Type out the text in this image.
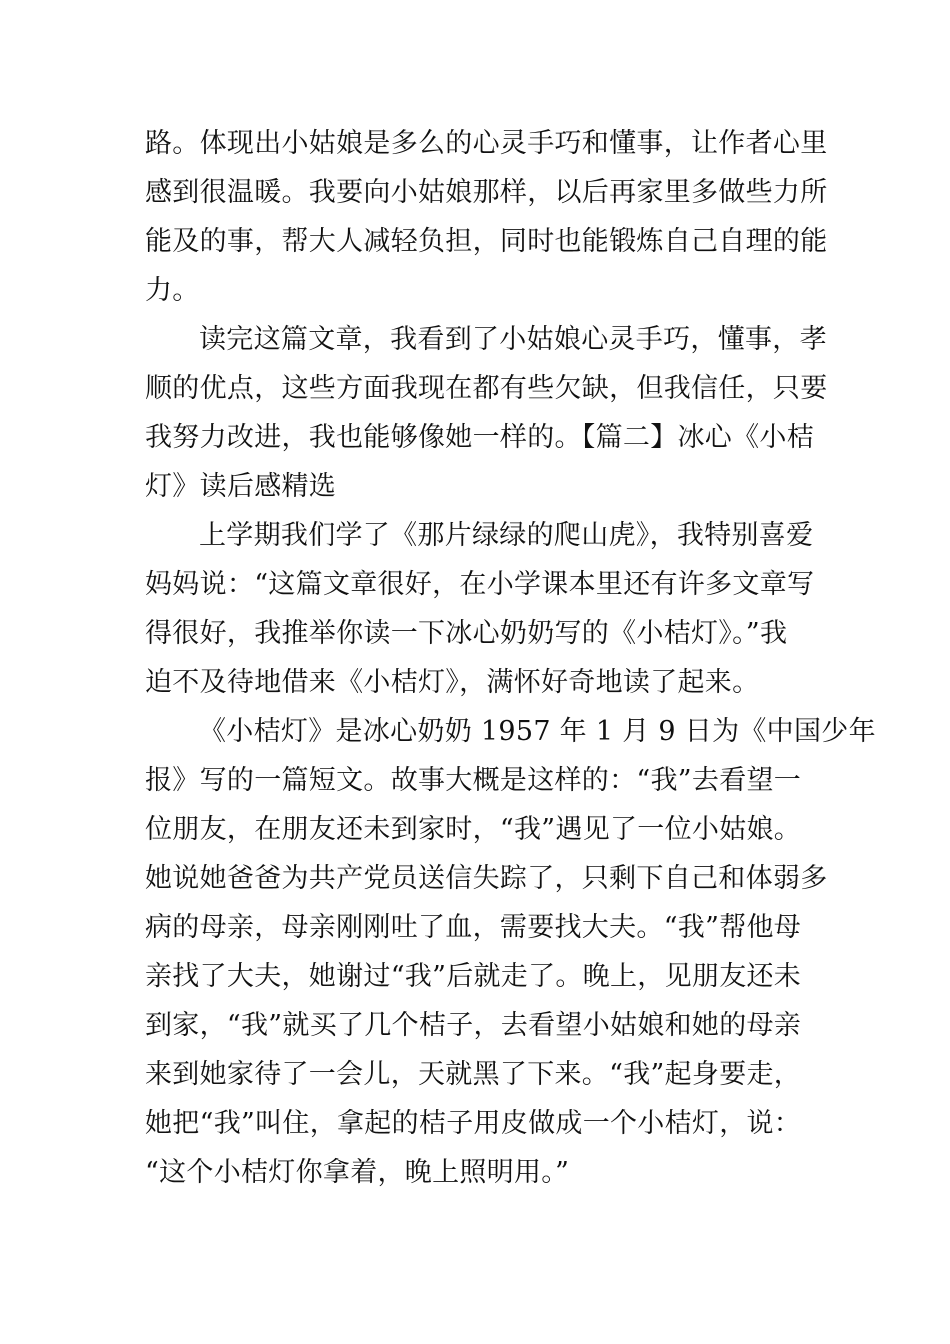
路。体现出小姑娘是多么的心灵手巧和懂事，让作者心里
感到很温暖。我要向小姑娘那样，以后再家里多做些力所
能及的事，帮大人减轻负担，同时也能锻炼自己自理的能
力。
读完这篇文章，我看到了小姑娘心灵手巧，懂事，孝
顺的优点，这些方面我现在都有些欠缺，但我信任，只要
我努力改进，我也能够像她一样的。【篇二】冰心《小桔
灯》读后感精选
上学期我们学了《那片绿绿的爬山虎》，我特别喜爱
妈妈说：“这篇文章很好，在小学课本里还有许多文章写
得很好，我推举你读一下冰心奶奶写的《小桔灯》。”我
迫不及待地借来《小桔灯》，满怀好奇地读了起来。
《小桔灯》是冰心奶奶 1957 年 1 月 9 日为《中国少年
报》写的一篇短文。故事大概是这样的：“我”去看望一
位朋友，在朋友还未到家时，“我”遇见了一位小姑娘。
她说她爸爸为共产党员送信失踪了，只剩下自己和体弱多
病的母亲，母亲刚刚吐了血，需要找大夫。“我”帮他母
亲找了大夫，她谢过“我”后就走了。晚上，见朋友还未
到家，“我”就买了几个桔子，去看望小姑娘和她的母亲
来到她家待了一会儿，天就黑了下来。“我”起身要走，
她把“我”叫住，拿起的桔子用皮做成一个小桔灯，说：
“这个小桔灯你拿着，晚上照明用。”
